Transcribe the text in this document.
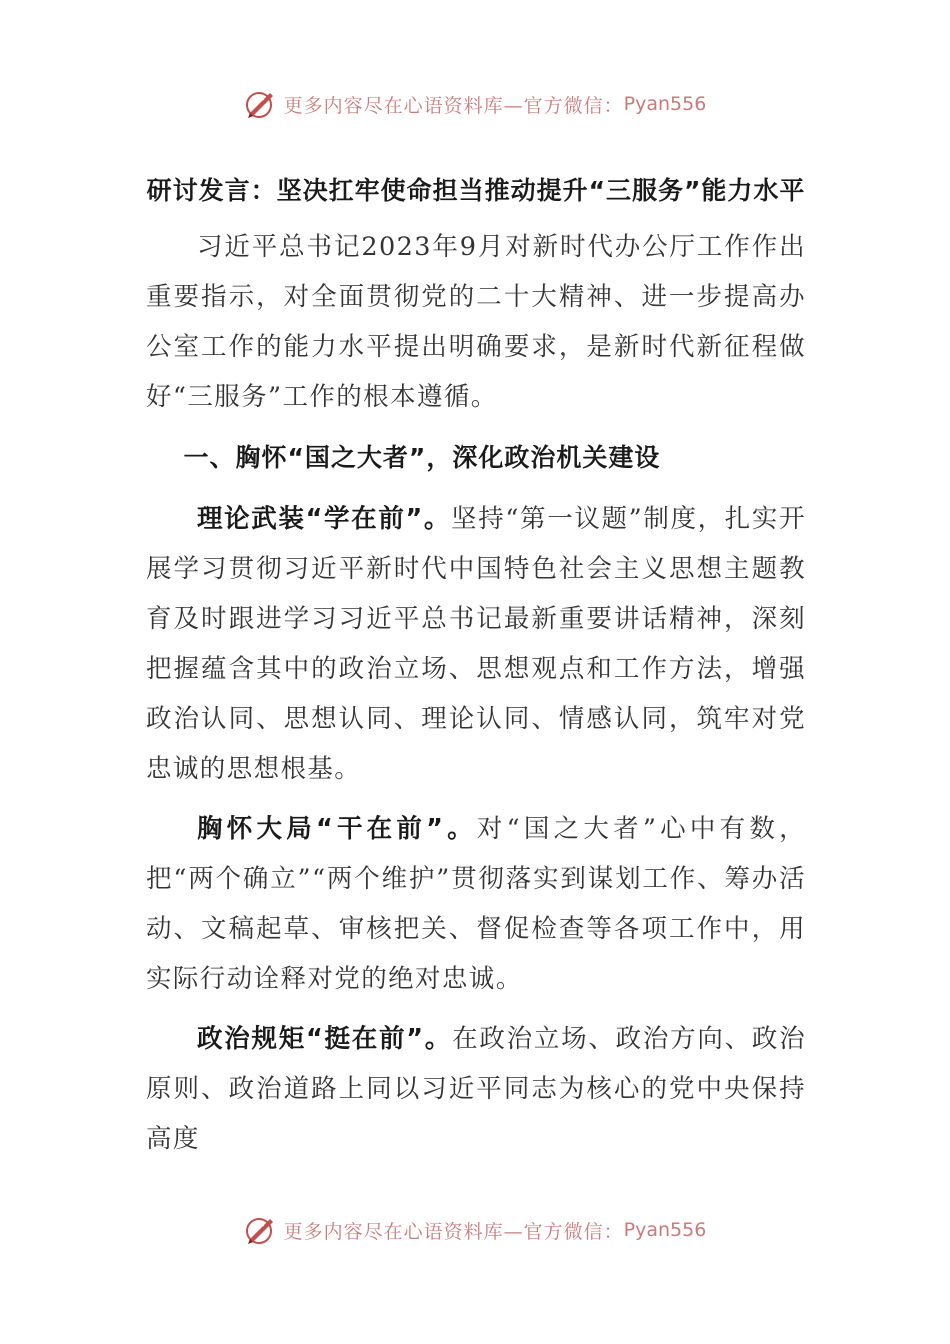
更多内容尽在心语资料库—官方微信： Pyan556
研讨发言：坚决扛牢使命担当推动提升“三服务”能力水平

习近平总书记2023年9月对新时代办公厅工作作出重要指示，对全面贯彻党的二十大精神、进一步提高办公室工作的能力水平提出明确要求，是新时代新征程做好“三服务”工作的根本遵循。

一、胸怀“国之大者”，深化政治机关建设

理论武装“学在前”。坚持“第一议题”制度，扎实开展学习贯彻习近平新时代中国特色社会主义思想主题教育及时跟进学习习近平总书记最新重要讲话精神，深刻把握蕴含其中的政治立场、思想观点和工作方法，增强政治认同、思想认同、理论认同、情感认同，筑牢对党忠诚的思想根基。

胸怀大局“干在前”。对“国之大者”心中有数，把“两个确立”“两个维护”贯彻落实到谋划工作、筹办活动、文稿起草、审核把关、督促检查等各项工作中，用实际行动诠释对党的绝对忠诚。

政治规矩“挺在前”。在政治立场、政治方向、政治原则、政治道路上同以习近平同志为核心的党中央保持高度

更多内容尽在心语资料库—官方微信： Pyan556
